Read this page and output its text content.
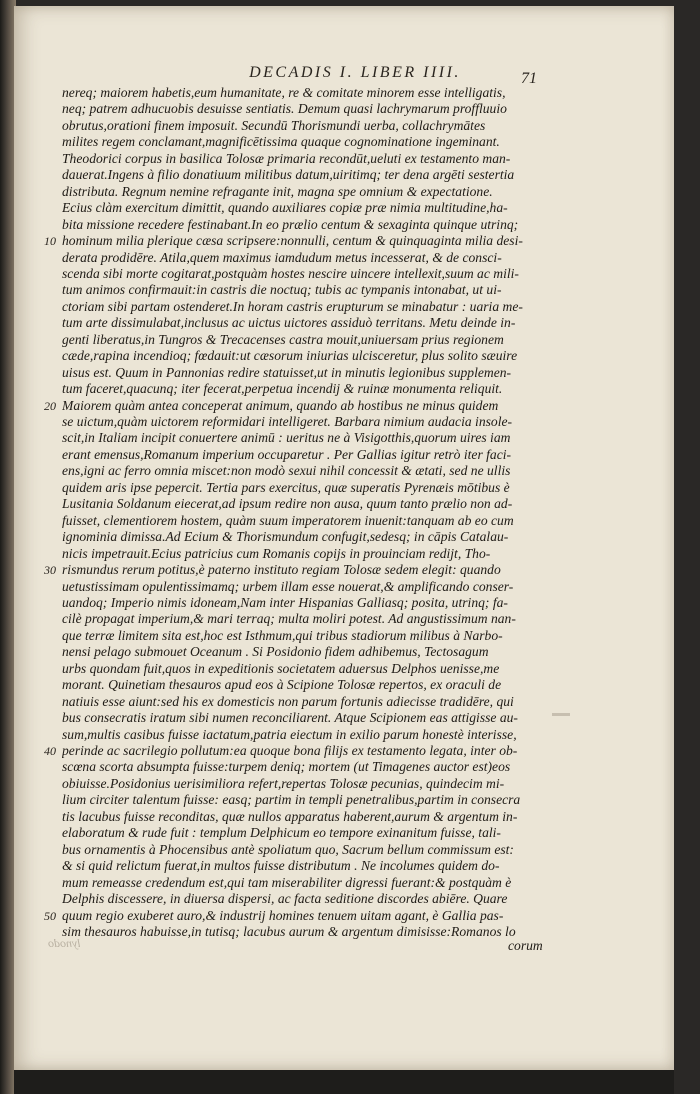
DECADIS I. LIBER IIII.	71
nereq; maiorem habetis,eum humanitate, re & comitate minorem esse intelligatis,
neq; patrem adhucuobis desuisse sentiatis. Demum quasi lachrymarum proffluuio
obrutus,orationi finem imposuit. Secundū Thorismundi uerba, collachrymātes
milites regem conclamant,magnificētissima quaque cognominatione ingeminant.
Theodorici corpus in basilica Tolosæ primaria recondūt,ueluti ex testamento man-
dauerat.Ingens à filio donatiuum militibus datum,uiritimq; ter dena argēti sestertia
distributa. Regnum nemine refragante init, magna spe omnium & expectatione.
Ecius clàm exercitum dimittit, quando auxiliares copiæ præ nimia multitudine,ha-
bita missione recedere festinabant.In eo prælio centum & sexaginta quinque utrinq;
hominum milia plerique cæsa scripsere:nonnulli, centum & quinquaginta milia desi-
derata prodidēre. Atila,quem maximus iamdudum metus incesserat, & de consci-
scenda sibi morte cogitarat,postquàm hostes nescire uincere intellexit,suum ac mili-
tum animos confirmauit:in castris die noctuq; tubis ac tympanis intonabat, ut ui-
ctoriam sibi partam ostenderet.In horam castris erupturum se minabatur : uaria me-
tum arte dissimulabat,inclusus ac uictus uictores assiduò territans. Metu deinde in-
genti liberatus,in Tungros & Trecacenses castra mouit,uniuersam prius regionem
cæde,rapina incendioq; fœdauit:ut cæsorum iniurias ulcisceretur, plus solito sæuire
uisus est. Quum in Pannonias redire statuisset,ut in minutis legionibus supplemen-
tum faceret,quacunq; iter fecerat,perpetua incendij & ruinæ monumenta reliquit.
Maiorem quàm antea conceperat animum, quando ab hostibus ne minus quidem
se uictum,quàm uictorem reformidari intelligeret. Barbara nimium audacia insole-
scit,in Italiam incipit conuertere animū : ueritus ne à Visigotthis,quorum uires iam
erant emensus,Romanum imperium occuparetur . Per Gallias igitur retrò iter faci-
ens,igni ac ferro omnia miscet:non modò sexui nihil concessit & ætati, sed ne ullis
quidem aris ipse pepercit. Tertia pars exercitus, quæ superatis Pyrenæis mōtibus è
Lusitania Soldanum eiecerat,ad ipsum redire non ausa, quum tanto prælio non ad-
fuisset, clementiorem hostem, quàm suum imperatorem inuenit:tanquam ab eo cum
ignominia dimissa.Ad Ecium & Thorismundum confugit,sedesq; in cāpis Catalau-
nicis impetrauit.Ecius patricius cum Romanis copijs in prouinciam redijt, Tho-
rismundus rerum potitus,è paterno instituto regiam Tolosæ sedem elegit: quando
uetustissimam opulentissimamq; urbem illam esse nouerat,& amplificando conser-
uandoq; Imperio nimis idoneam,Nam inter Hispanias Galliasq; posita, utrinq; fa-
cilè propagat imperium,& mari terraq; multa moliri potest. Ad angustissimum nan-
que terræ limitem sita est,hoc est Isthmum,qui tribus stadiorum milibus à Narbo-
nensi pelago submouet Oceanum . Si Posidonio fidem adhibemus, Tectosagum
urbs quondam fuit,quos in expeditionis societatem aduersus Delphos uenisse,me
morant. Quinetiam thesauros apud eos à Scipione Tolosæ repertos, ex oraculi de
natiuis esse aiunt:sed his ex domesticis non parum fortunis adiecisse tradidēre, qui
bus consecratis iratum sibi numen reconciliarent. Atque Scipionem eas attigisse au-
sum,multis casibus fuisse iactatum,patria eiectum in exilio parum honestè interisse,
perinde ac sacrilegio pollutum:ea quoque bona filijs ex testamento legata, inter ob-
scœna scorta absumpta fuisse:turpem deniq; mortem (ut Timagenes auctor est)eos
obiuisse.Posidonius uerisimiliora refert,repertas Tolosæ pecunias, quindecim mi-
lium circiter talentum fuisse: easq; partim in templi penetralibus,partim in consecra
tis lacubus fuisse reconditas, quæ nullos apparatus haberent,aurum & argentum in-
elaboratum & rude fuit : templum Delphicum eo tempore exinanitum fuisse, tali-
bus ornamentis à Phocensibus antè spoliatum quo, Sacrum bellum commissum est:
& si quid relictum fuerat,in multos fuisse distributum . Ne incolumes quidem do-
mum remeasse credendum est,qui tam miserabiliter digressi fuerant:& postquàm è
Delphis discessere, in diuersa dispersi, ac facta seditione discordes abiēre. Quare
quum regio exuberet auro,& industrij homines tenuem uitam agant, è Gallia pas-
sim thesauros habuisse,in tutisq; lacubus aurum & argentum dimisisse:Romanos lo
10
20
30
40
50
corum
lynodo
